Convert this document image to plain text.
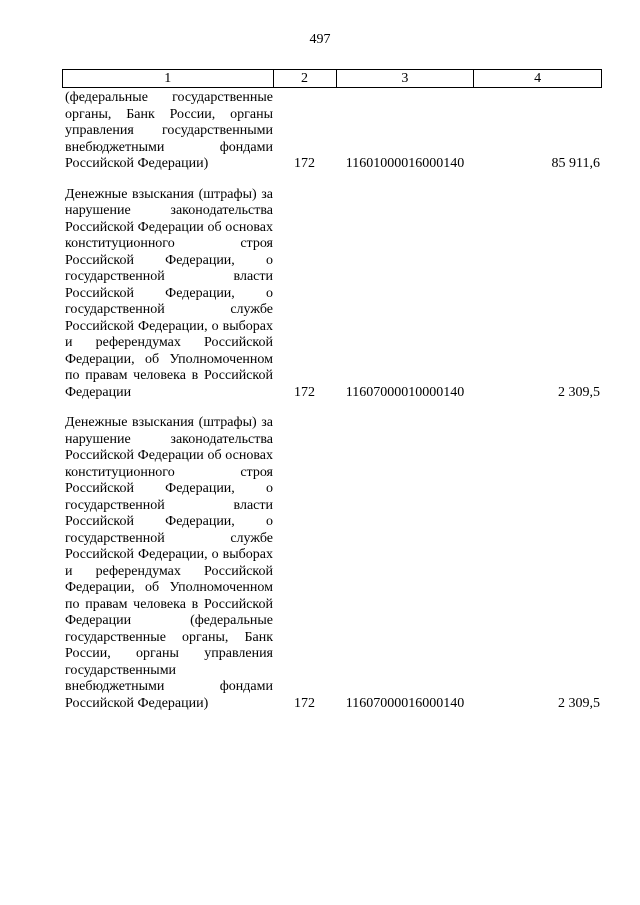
497
1	2	3	4
(федеральные государственные органы, Банк России, органы управления государственными внебюджетными фондами Российской Федерации)	172	11601000016000140	85 911,6
Денежные взыскания (штрафы) за нарушение законодательства Российской Федерации об основах конституционного строя Российской Федерации, о государственной власти Российской Федерации, о государственной службе Российской Федерации, о выборах и референдумах Российской Федерации, об Уполномоченном по правам человека в Российской Федерации	172	11607000010000140	2 309,5
Денежные взыскания (штрафы) за нарушение законодательства Российской Федерации об основах конституционного строя Российской Федерации, о государственной власти Российской Федерации, о государственной службе Российской Федерации, о выборах и референдумах Российской Федерации, об Уполномоченном по правам человека в Российской Федерации (федеральные государственные органы, Банк России, органы управления государственными внебюджетными фондами Российской Федерации)	172	11607000016000140	2 309,5
